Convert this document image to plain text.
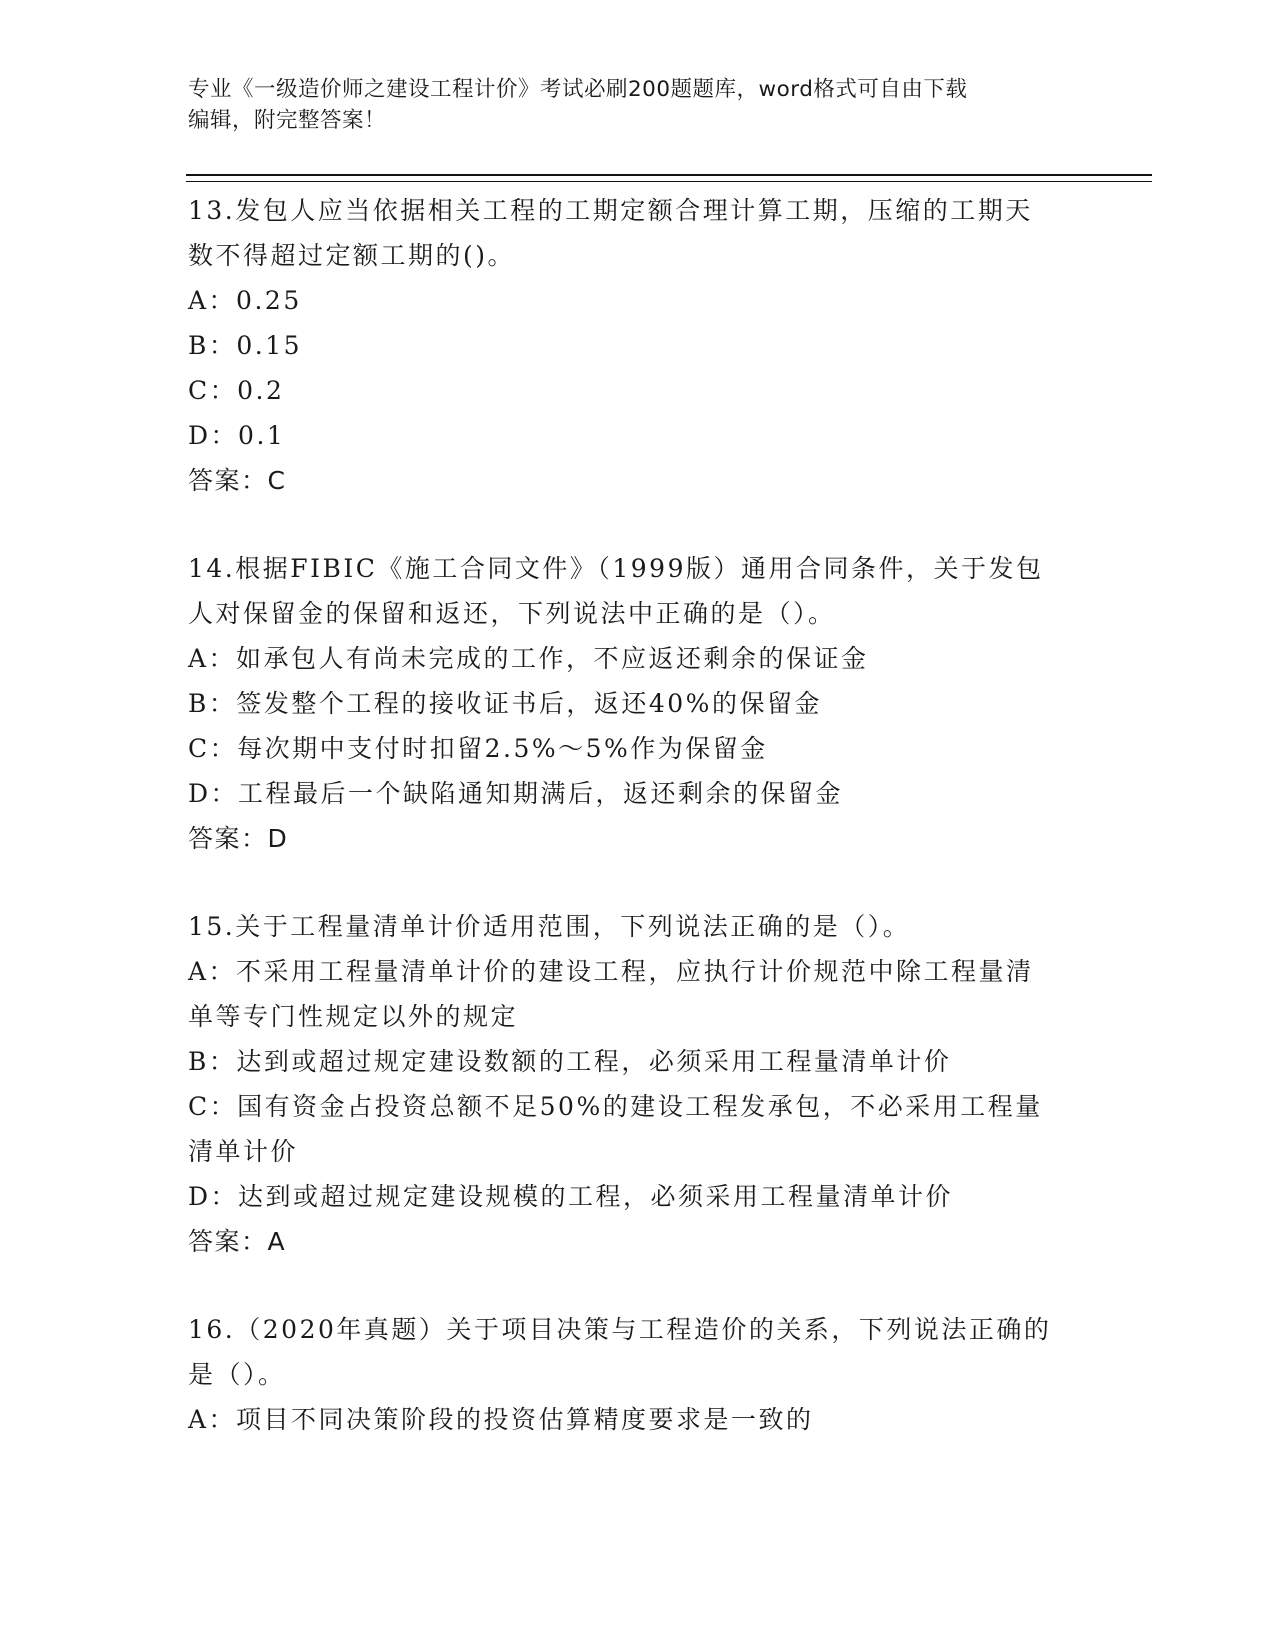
专业《一级造价师之建设工程计价》考试必刷200题题库，word格式可自由下载
编辑，附完整答案！
13.发包人应当依据相关工程的工期定额合理计算工期，压缩的工期天
数不得超过定额工期的()。
A：0.25
B：0.15
C：0.2
D：0.1
答案：C
14.根据FIBIC《施工合同文件》（1999版）通用合同条件，关于发包
人对保留金的保留和返还，下列说法中正确的是（）。
A：如承包人有尚未完成的工作，不应返还剩余的保证金
B：签发整个工程的接收证书后，返还40%的保留金
C：每次期中支付时扣留2.5%～5%作为保留金
D：工程最后一个缺陷通知期满后，返还剩余的保留金
答案：D
15.关于工程量清单计价适用范围，下列说法正确的是（）。
A：不采用工程量清单计价的建设工程，应执行计价规范中除工程量清
单等专门性规定以外的规定
B：达到或超过规定建设数额的工程，必须采用工程量清单计价
C：国有资金占投资总额不足50%的建设工程发承包，不必采用工程量
清单计价
D：达到或超过规定建设规模的工程，必须采用工程量清单计价
答案：A
16.（2020年真题）关于项目决策与工程造价的关系，下列说法正确的
是（）。
A：项目不同决策阶段的投资估算精度要求是一致的
